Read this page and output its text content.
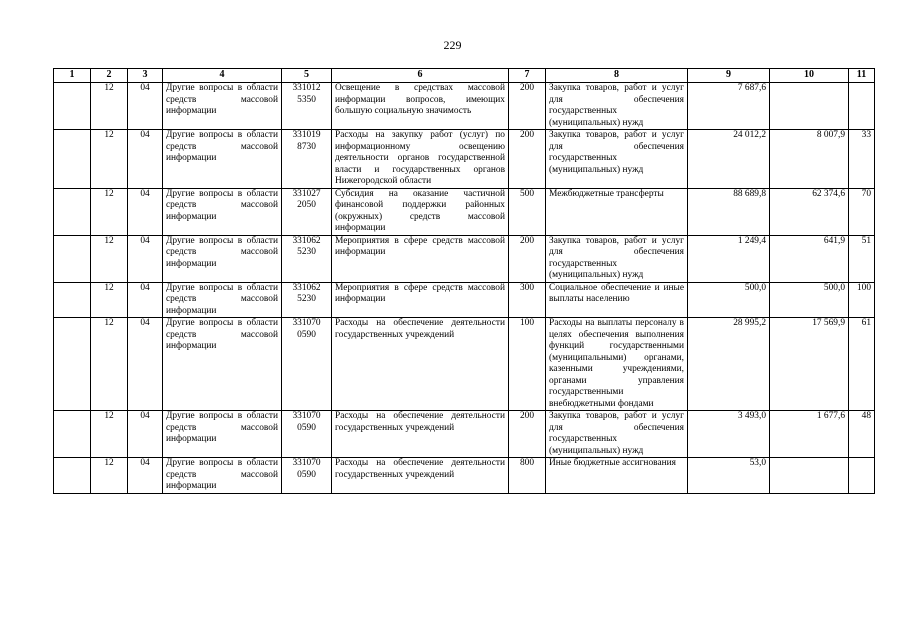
229
1	2	3	4	5	6	7	8	9	10	11
	12	04	Другие вопросы в области средств массовой информации	331012 5350	Освещение в средствах массовой информации вопросов, имеющих большую социальную значимость	200	Закупка товаров, работ и услуг для обеспечения государственных (муниципальных) нужд	7 687,6		
	12	04	Другие вопросы в области средств массовой информации	331019 8730	Расходы на закупку работ (услуг) по информационному освещению деятельности органов государственной власти и государственных органов Нижегородской области	200	Закупка товаров, работ и услуг для обеспечения государственных (муниципальных) нужд	24 012,2	8 007,9	33
	12	04	Другие вопросы в области средств массовой информации	331027 2050	Субсидия на оказание частичной финансовой поддержки районных (окружных) средств массовой информации	500	Межбюджетные трансферты	88 689,8	62 374,6	70
	12	04	Другие вопросы в области средств массовой информации	331062 5230	Мероприятия в сфере средств массовой информации	200	Закупка товаров, работ и услуг для обеспечения государственных (муниципальных) нужд	1 249,4	641,9	51
	12	04	Другие вопросы в области средств массовой информации	331062 5230	Мероприятия в сфере средств массовой информации	300	Социальное обеспечение и иные выплаты населению	500,0	500,0	100
	12	04	Другие вопросы в области средств массовой информации	331070 0590	Расходы на обеспечение деятельности государственных учреждений	100	Расходы на выплаты персоналу в целях обеспечения выполнения функций государственными (муниципальными) органами, казенными учреждениями, органами управления государственными внебюджетными фондами	28 995,2	17 569,9	61
	12	04	Другие вопросы в области средств массовой информации	331070 0590	Расходы на обеспечение деятельности государственных учреждений	200	Закупка товаров, работ и услуг для обеспечения государственных (муниципальных) нужд	3 493,0	1 677,6	48
	12	04	Другие вопросы в области средств массовой информации	331070 0590	Расходы на обеспечение деятельности государственных учреждений	800	Иные бюджетные ассигнования	53,0		
